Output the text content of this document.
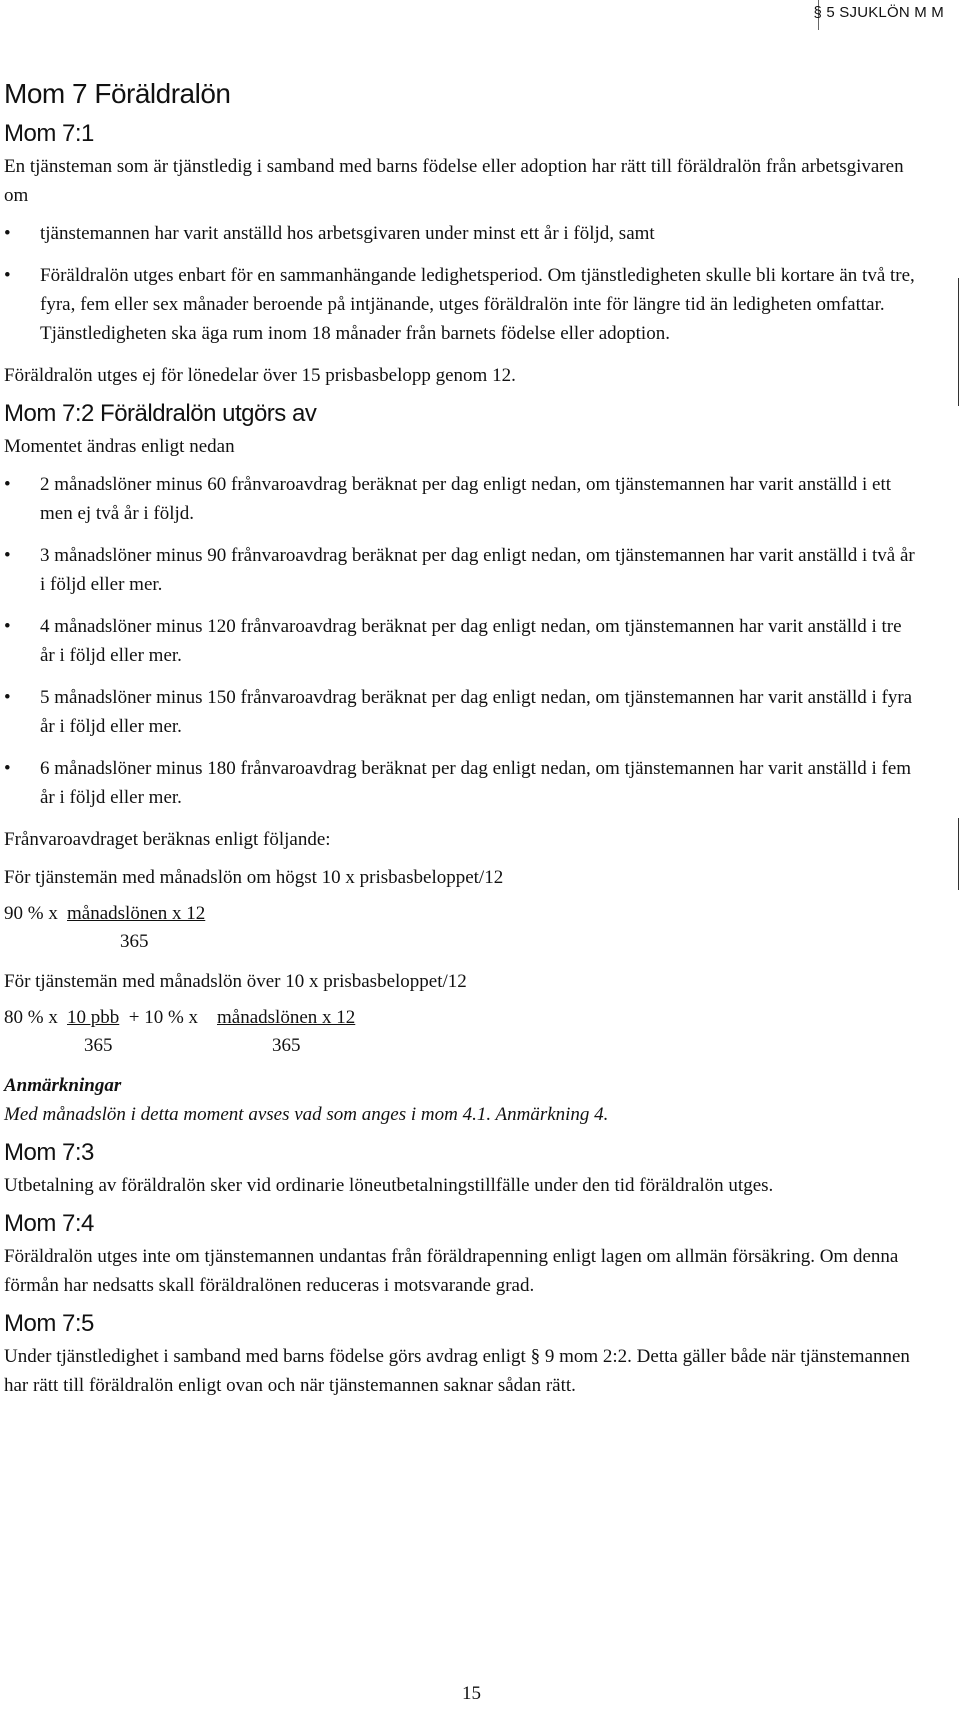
§ 5 SJUKLÖN M M
Mom 7 Föräldralön
Mom 7:1

En tjänsteman som är tjänstledig i samband med barns födelse eller adoption har rätt till föräldralön från arbetsgivaren om

• tjänstemannen har varit anställd hos arbetsgivaren under minst ett år i följd, samt
• Föräldralön utges enbart för en sammanhängande ledighetsperiod. Om tjänstledigheten skulle bli kortare än två tre, fyra, fem eller sex månader beroende på intjänande, utges föräldralön inte för längre tid än ledigheten omfattar. Tjänstledigheten ska äga rum inom 18 månader från barnets födelse eller adoption.

Föräldralön utges ej för lönedelar över 15 prisbasbelopp genom 12.

Mom 7:2 Föräldralön utgörs av

Momentet ändras enligt nedan

• 2 månadslöner minus 60 frånvaroavdrag beräknat per dag enligt nedan, om tjänstemannen har varit anställd i ett men ej två år i följd.
• 3 månadslöner minus 90 frånvaroavdrag beräknat per dag enligt nedan, om tjänstemannen har varit anställd i två år i följd eller mer.
• 4 månadslöner minus 120 frånvaroavdrag beräknat per dag enligt nedan, om tjänstemannen har varit anställd i tre år i följd eller mer.
• 5 månadslöner minus 150 frånvaroavdrag beräknat per dag enligt nedan, om tjänstemannen har varit anställd i fyra år i följd eller mer.
• 6 månadslöner minus 180 frånvaroavdrag beräknat per dag enligt nedan, om tjänstemannen har varit anställd i fem år i följd eller mer.

Frånvaroavdraget beräknas enligt följande:

För tjänstemän med månadslön om högst 10 x prisbasbeloppet/12

90 % x månadslönen x 12
365

För tjänstemän med månadslön över 10 x prisbasbeloppet/12

80 % x 10 pbb + 10 % x månadslönen x 12
365	365

Anmärkningar

Med månadslön i detta moment avses vad som anges i mom 4.1. Anmärkning 4.

Mom 7:3

Utbetalning av föräldralön sker vid ordinarie löneutbetalningstillfälle under den tid föräldralön utges.

Mom 7:4

Föräldralön utges inte om tjänstemannen undantas från föräldrapenning enligt lagen om allmän försäkring. Om denna förmån har nedsatts skall föräldralönen reduceras i motsvarande grad.

Mom 7:5

Under tjänstledighet i samband med barns födelse görs avdrag enligt § 9 mom 2:2. Detta gäller både när tjänstemannen har rätt till föräldralön enligt ovan och när tjänstemannen saknar sådan rätt.

15
